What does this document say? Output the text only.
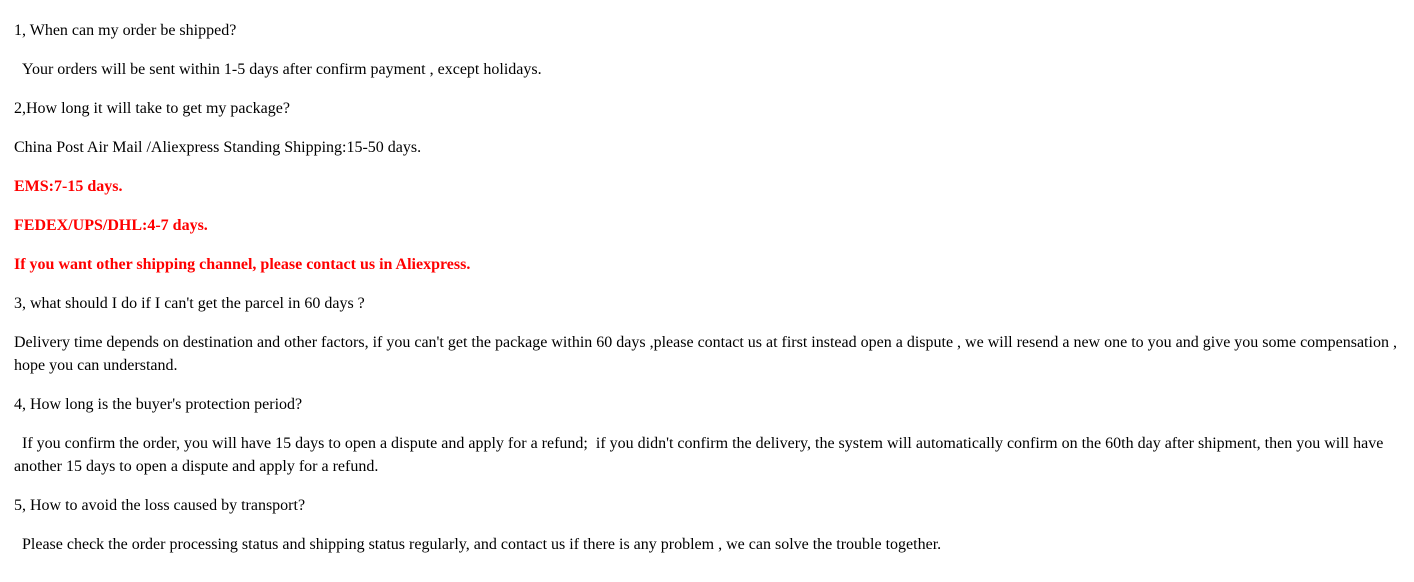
1, When can my order be shipped?

Your orders will be sent within 1-5 days after confirm payment , except holidays.

2,How long it will take to get my package?

China Post Air Mail /Aliexpress Standing Shipping:15-50 days.

EMS:7-15 days.

FEDEX/UPS/DHL:4-7 days.

If you want other shipping channel, please contact us in Aliexpress.

3, what should I do if I can't get the parcel in 60 days ?

Delivery time depends on destination and other factors, if you can't get the package within 60 days ,please contact us at first instead open a dispute , we will resend a new one to you and give you some compensation , hope you can understand.

4, How long is the buyer's protection period?

If you confirm the order, you will have 15 days to open a dispute and apply for a refund;  if you didn't confirm the delivery, the system will automatically confirm on the 60th day after shipment, then you will have another 15 days to open a dispute and apply for a refund.

5, How to avoid the loss caused by transport?

Please check the order processing status and shipping status regularly, and contact us if there is any problem , we can solve the trouble together.
